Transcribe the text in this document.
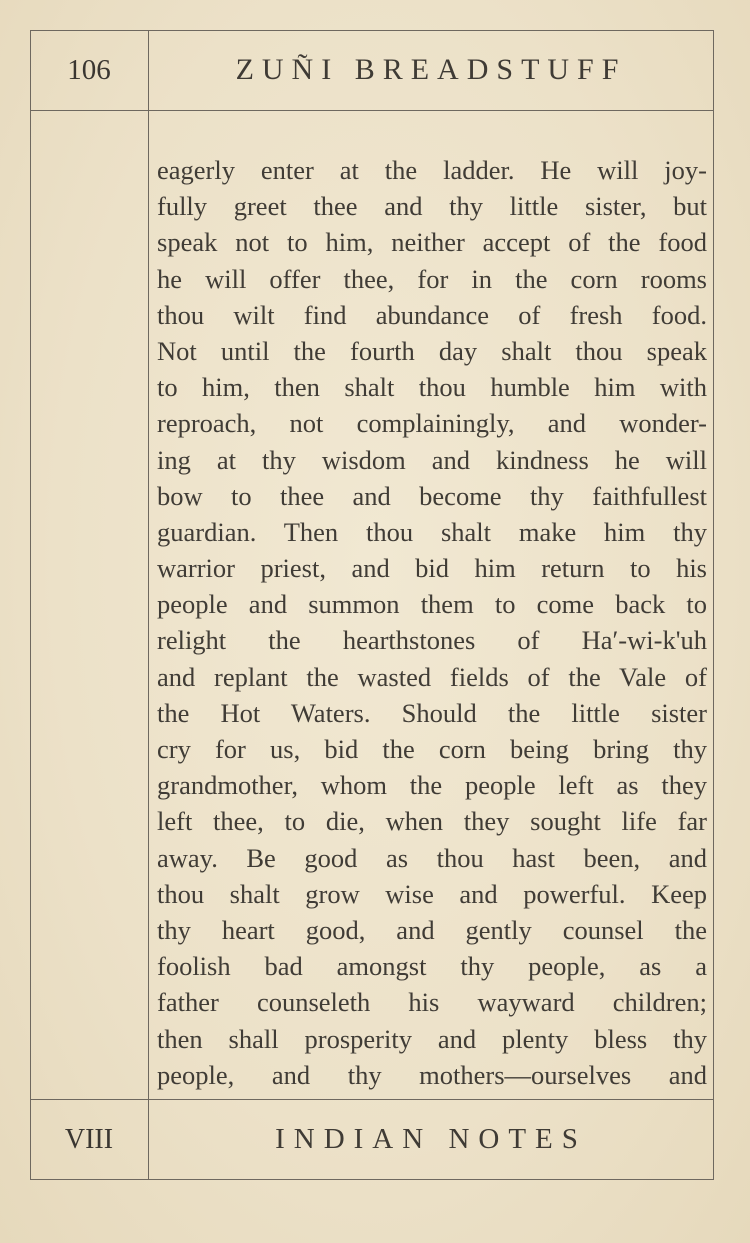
106	ZUÑI BREADSTUFF
eagerly enter at the ladder. He will joy-
fully greet thee and thy little sister, but
speak not to him, neither accept of the food
he will offer thee, for in the corn rooms
thou wilt find abundance of fresh food.
Not until the fourth day shalt thou speak
to him, then shalt thou humble him with
reproach, not complainingly, and wonder-
ing at thy wisdom and kindness he will
bow to thee and become thy faithfullest
guardian. Then thou shalt make him thy
warrior priest, and bid him return to his
people and summon them to come back to
relight the hearthstones of Ha′-wi-k'uh
and replant the wasted fields of the Vale of
the Hot Waters. Should the little sister
cry for us, bid the corn being bring thy
grandmother, whom the people left as they
left thee, to die, when they sought life far
away. Be good as thou hast been, and
thou shalt grow wise and powerful. Keep
thy heart good, and gently counsel the
foolish bad amongst thy people, as a
father counseleth his wayward children;
then shall prosperity and plenty bless thy
people, and thy mothers—ourselves and
VIII	INDIAN NOTES
